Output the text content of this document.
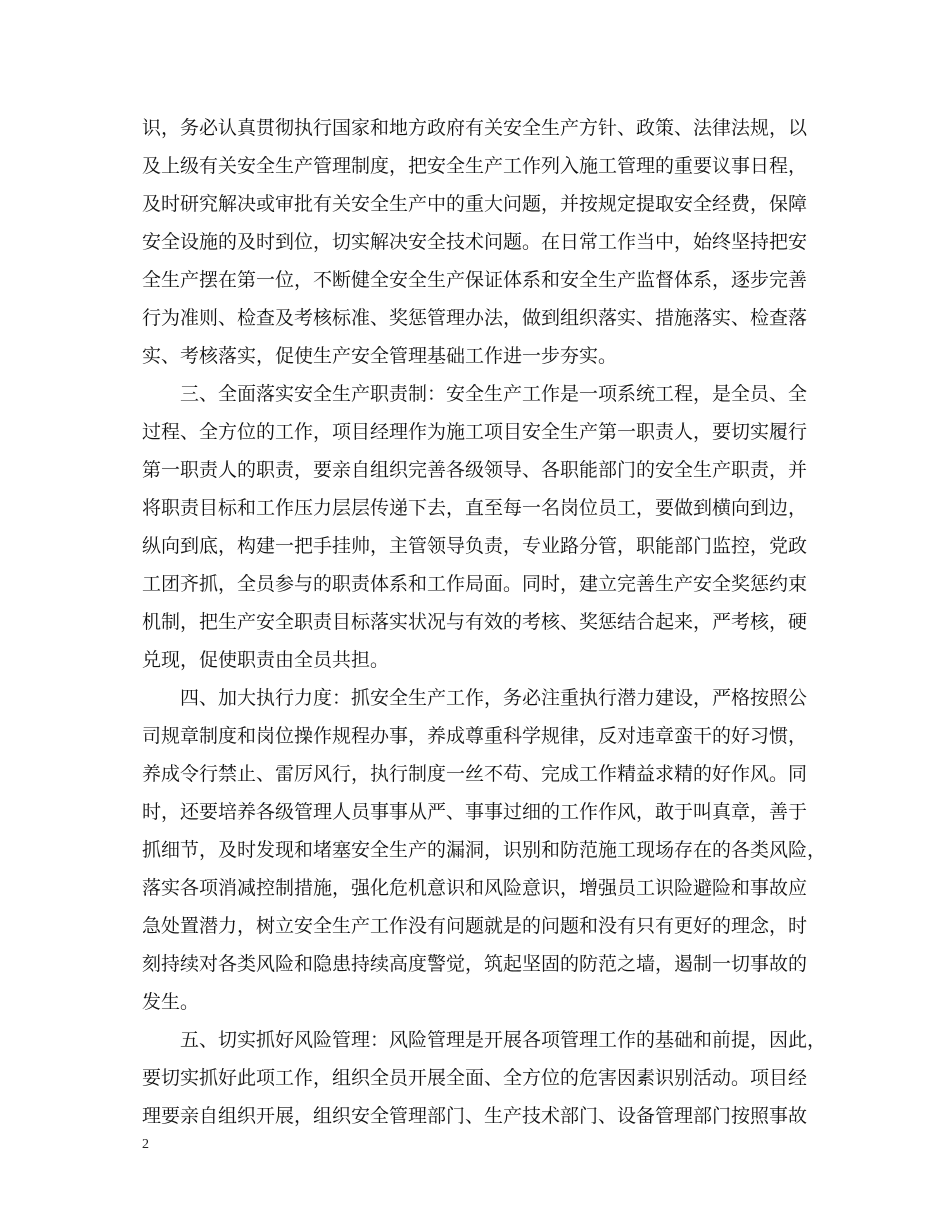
识，务必认真贯彻执行国家和地方政府有关安全生产方针、政策、法律法规，以
及上级有关安全生产管理制度，把安全生产工作列入施工管理的重要议事日程，
及时研究解决或审批有关安全生产中的重大问题，并按规定提取安全经费，保障
安全设施的及时到位，切实解决安全技术问题。在日常工作当中，始终坚持把安
全生产摆在第一位，不断健全安全生产保证体系和安全生产监督体系，逐步完善
行为准则、检查及考核标准、奖惩管理办法，做到组织落实、措施落实、检查落
实、考核落实，促使生产安全管理基础工作进一步夯实。
三、全面落实安全生产职责制：安全生产工作是一项系统工程，是全员、全
过程、全方位的工作，项目经理作为施工项目安全生产第一职责人，要切实履行
第一职责人的职责，要亲自组织完善各级领导、各职能部门的安全生产职责，并
将职责目标和工作压力层层传递下去，直至每一名岗位员工，要做到横向到边，
纵向到底，构建一把手挂帅，主管领导负责，专业路分管，职能部门监控，党政
工团齐抓，全员参与的职责体系和工作局面。同时，建立完善生产安全奖惩约束
机制，把生产安全职责目标落实状况与有效的考核、奖惩结合起来，严考核，硬
兑现，促使职责由全员共担。
四、加大执行力度：抓安全生产工作，务必注重执行潜力建设，严格按照公
司规章制度和岗位操作规程办事，养成尊重科学规律，反对违章蛮干的好习惯，
养成令行禁止、雷厉风行，执行制度一丝不苟、完成工作精益求精的好作风。同
时，还要培养各级管理人员事事从严、事事过细的工作作风，敢于叫真章，善于
抓细节，及时发现和堵塞安全生产的漏洞，识别和防范施工现场存在的各类风险，
落实各项消减控制措施，强化危机意识和风险意识，增强员工识险避险和事故应
急处置潜力，树立安全生产工作没有问题就是的问题和没有只有更好的理念，时
刻持续对各类风险和隐患持续高度警觉，筑起坚固的防范之墙，遏制一切事故的
发生。
五、切实抓好风险管理：风险管理是开展各项管理工作的基础和前提，因此，
要切实抓好此项工作，组织全员开展全面、全方位的危害因素识别活动。项目经
理要亲自组织开展，组织安全管理部门、生产技术部门、设备管理部门按照事故
2
